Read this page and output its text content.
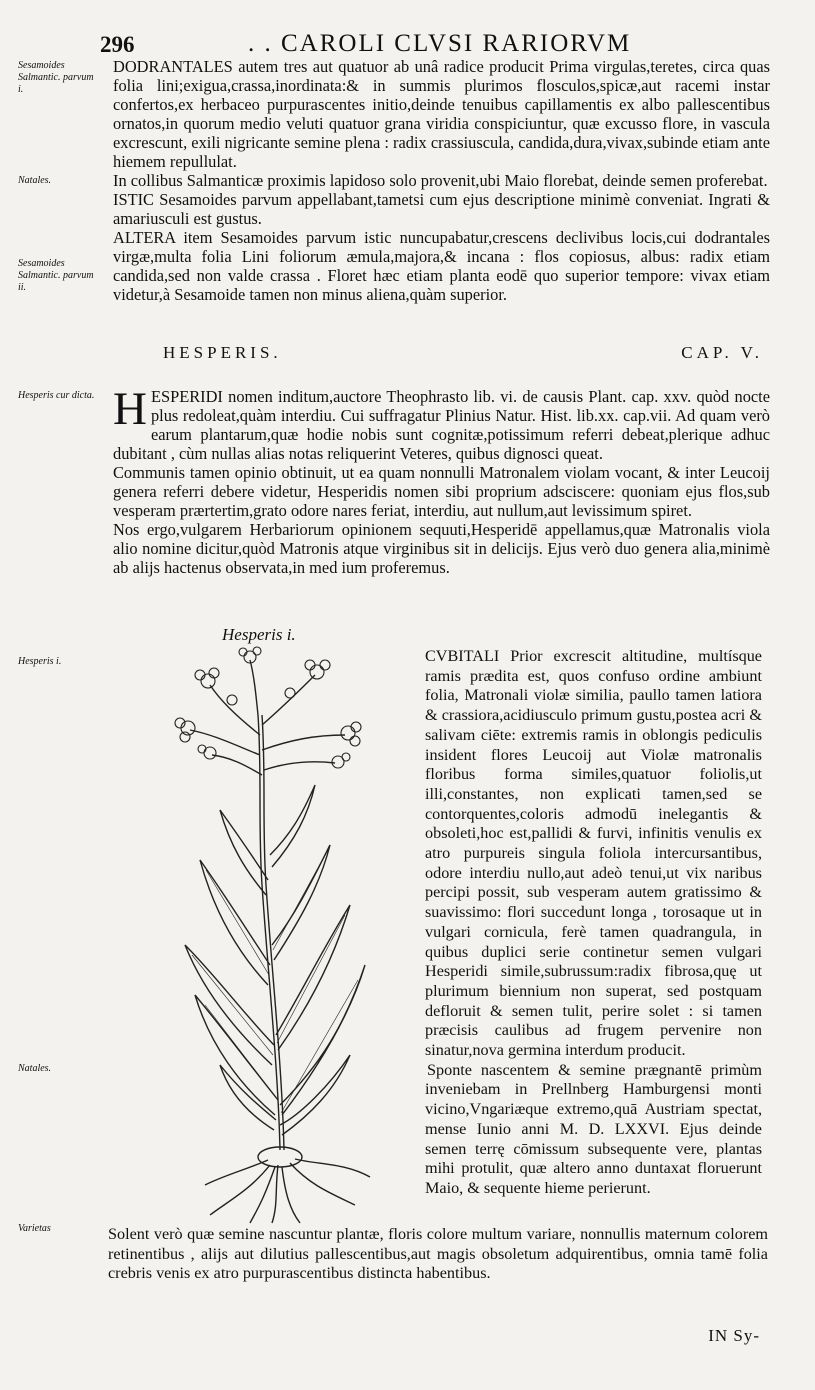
296	. . CAROLI CLVSI RARIORVM
Sesamoides Salmantic. parvum i.
Natales.
Sesamoides Salmantic. parvum ii.
Hesperis cur dicta.
Hesperis i.
Natales.
Varietas

DODRANTALES autem tres aut quatuor ab unâ radice producit Prima virgulas,teretes, circa quas folia lini;exigua,crassa,inordinata:& in summis plurimos flosculos,spicæ,aut racemi instar confertos,ex herbaceo purpurascentes initio,deinde tenuibus capillamentis ex albo pallescentibus ornatos,in quorum medio veluti quatuor grana viridia conspiciuntur, quæ excusso flore, in vascula excrescunt, exili nigricante semine plena : radix crassiuscula, candida,dura,vivax,subinde etiam ante hiemem repullulat.

In collibus Salmanticæ proximis lapidoso solo provenit,ubi Maio florebat, deinde semen proferebat.

ISTIC Sesamoides parvum appellabant,tametsi cum ejus descriptione minimè conveniat. Ingrati & amariusculi est gustus.

ALTERA item Sesamoides parvum istic nuncupabatur,crescens declivibus locis,cui dodrantales virgæ,multa folia Lini foliorum æmula,majora,& incana : flos copiosus, albus: radix etiam candida,sed non valde crassa . Floret hæc etiam planta eodē quo superior tempore: vivax etiam videtur,à Sesamoide tamen non minus aliena,quàm superior.

HESPERIS.	CAP. V.

H ESPERIDI nomen inditum,auctore Theophrasto lib. vi. de causis Plant. cap. xxv. quòd nocte plus redoleat,quàm interdiu. Cui suffragatur Plinius Natur. Hist. lib.xx. cap.vii. Ad quam verò earum plantarum,quæ hodie nobis sunt cognitæ,potissimum referri debeat,plerique adhuc dubitant , cùm nullas alias notas reliquerint Veteres, quibus dignosci queat.

Communis tamen opinio obtinuit, ut ea quam nonnulli Matronalem violam vocant, & inter Leucoij genera referri debere videtur, Hesperidis nomen sibi proprium adsciscere: quoniam ejus flos,sub vesperam prærtertim,grato odore nares feriat, interdiu, aut nullum,aut levissimum spiret.

Nos ergo,vulgarem Herbariorum opinionem sequuti,Hesperidē appellamus,quæ Matronalis viola alio nomine dicitur,quòd Matronis atque virginibus sit in delicijs. Ejus verò duo genera alia,minimè ab alijs hactenus observata,in med ium proferemus.

Hesperis i.

CVBITALI Prior excrescit altitudine, multísque ramis prædita est, quos confuso ordine ambiunt folia, Matronali violæ similia, paullo tamen latiora & crassiora,acidiusculo primum gustu,postea acri & salivam ciēte: extremis ramis in oblongis pediculis insident flores Leucoij aut Violæ matronalis floribus forma similes,quatuor foliolis,ut illi,constantes, non explicati tamen,sed se contorquentes,coloris admodū inelegantis & obsoleti,hoc est,pallidi & furvi, infinitis venulis ex atro purpureis singula foliola intercursantibus, odore interdiu nullo,aut adeò tenui,ut vix naribus percipi possit, sub vesperam autem gratissimo & suavissimo: flori succedunt longa , torosaque ut in vulgari cornicula, ferè tamen quadrangula, in quibus duplici serie continetur semen vulgari Hesperidi simile,subrussum:radix fibrosa,quę ut plurimum biennium non superat, sed postquam defloruit & semen tulit, perire solet : si tamen præcisis caulibus ad frugem pervenire non sinatur,nova germina interdum producit.

Sponte nascentem & semine prægnantē primùm inveniebam in Prellnberg Hamburgensi monti vicino,Vngariæque extremo,quā Austriam spectat, mense Iunio anni M. D. LXXVI. Ejus deinde semen terrę cōmissum subsequente vere, plantas mihi protulit, quæ altero anno duntaxat floruerunt Maio, & sequente hieme perierunt.

Solent verò quæ semine nascuntur plantæ, floris colore multum variare, nonnullis maternum colorem retinentibus , alijs aut dilutius pallescentibus,aut magis obsoletum adquirentibus, omnia tamē folia crebris venis ex atro purpurascentibus distincta habentibus.
IN Sy-
